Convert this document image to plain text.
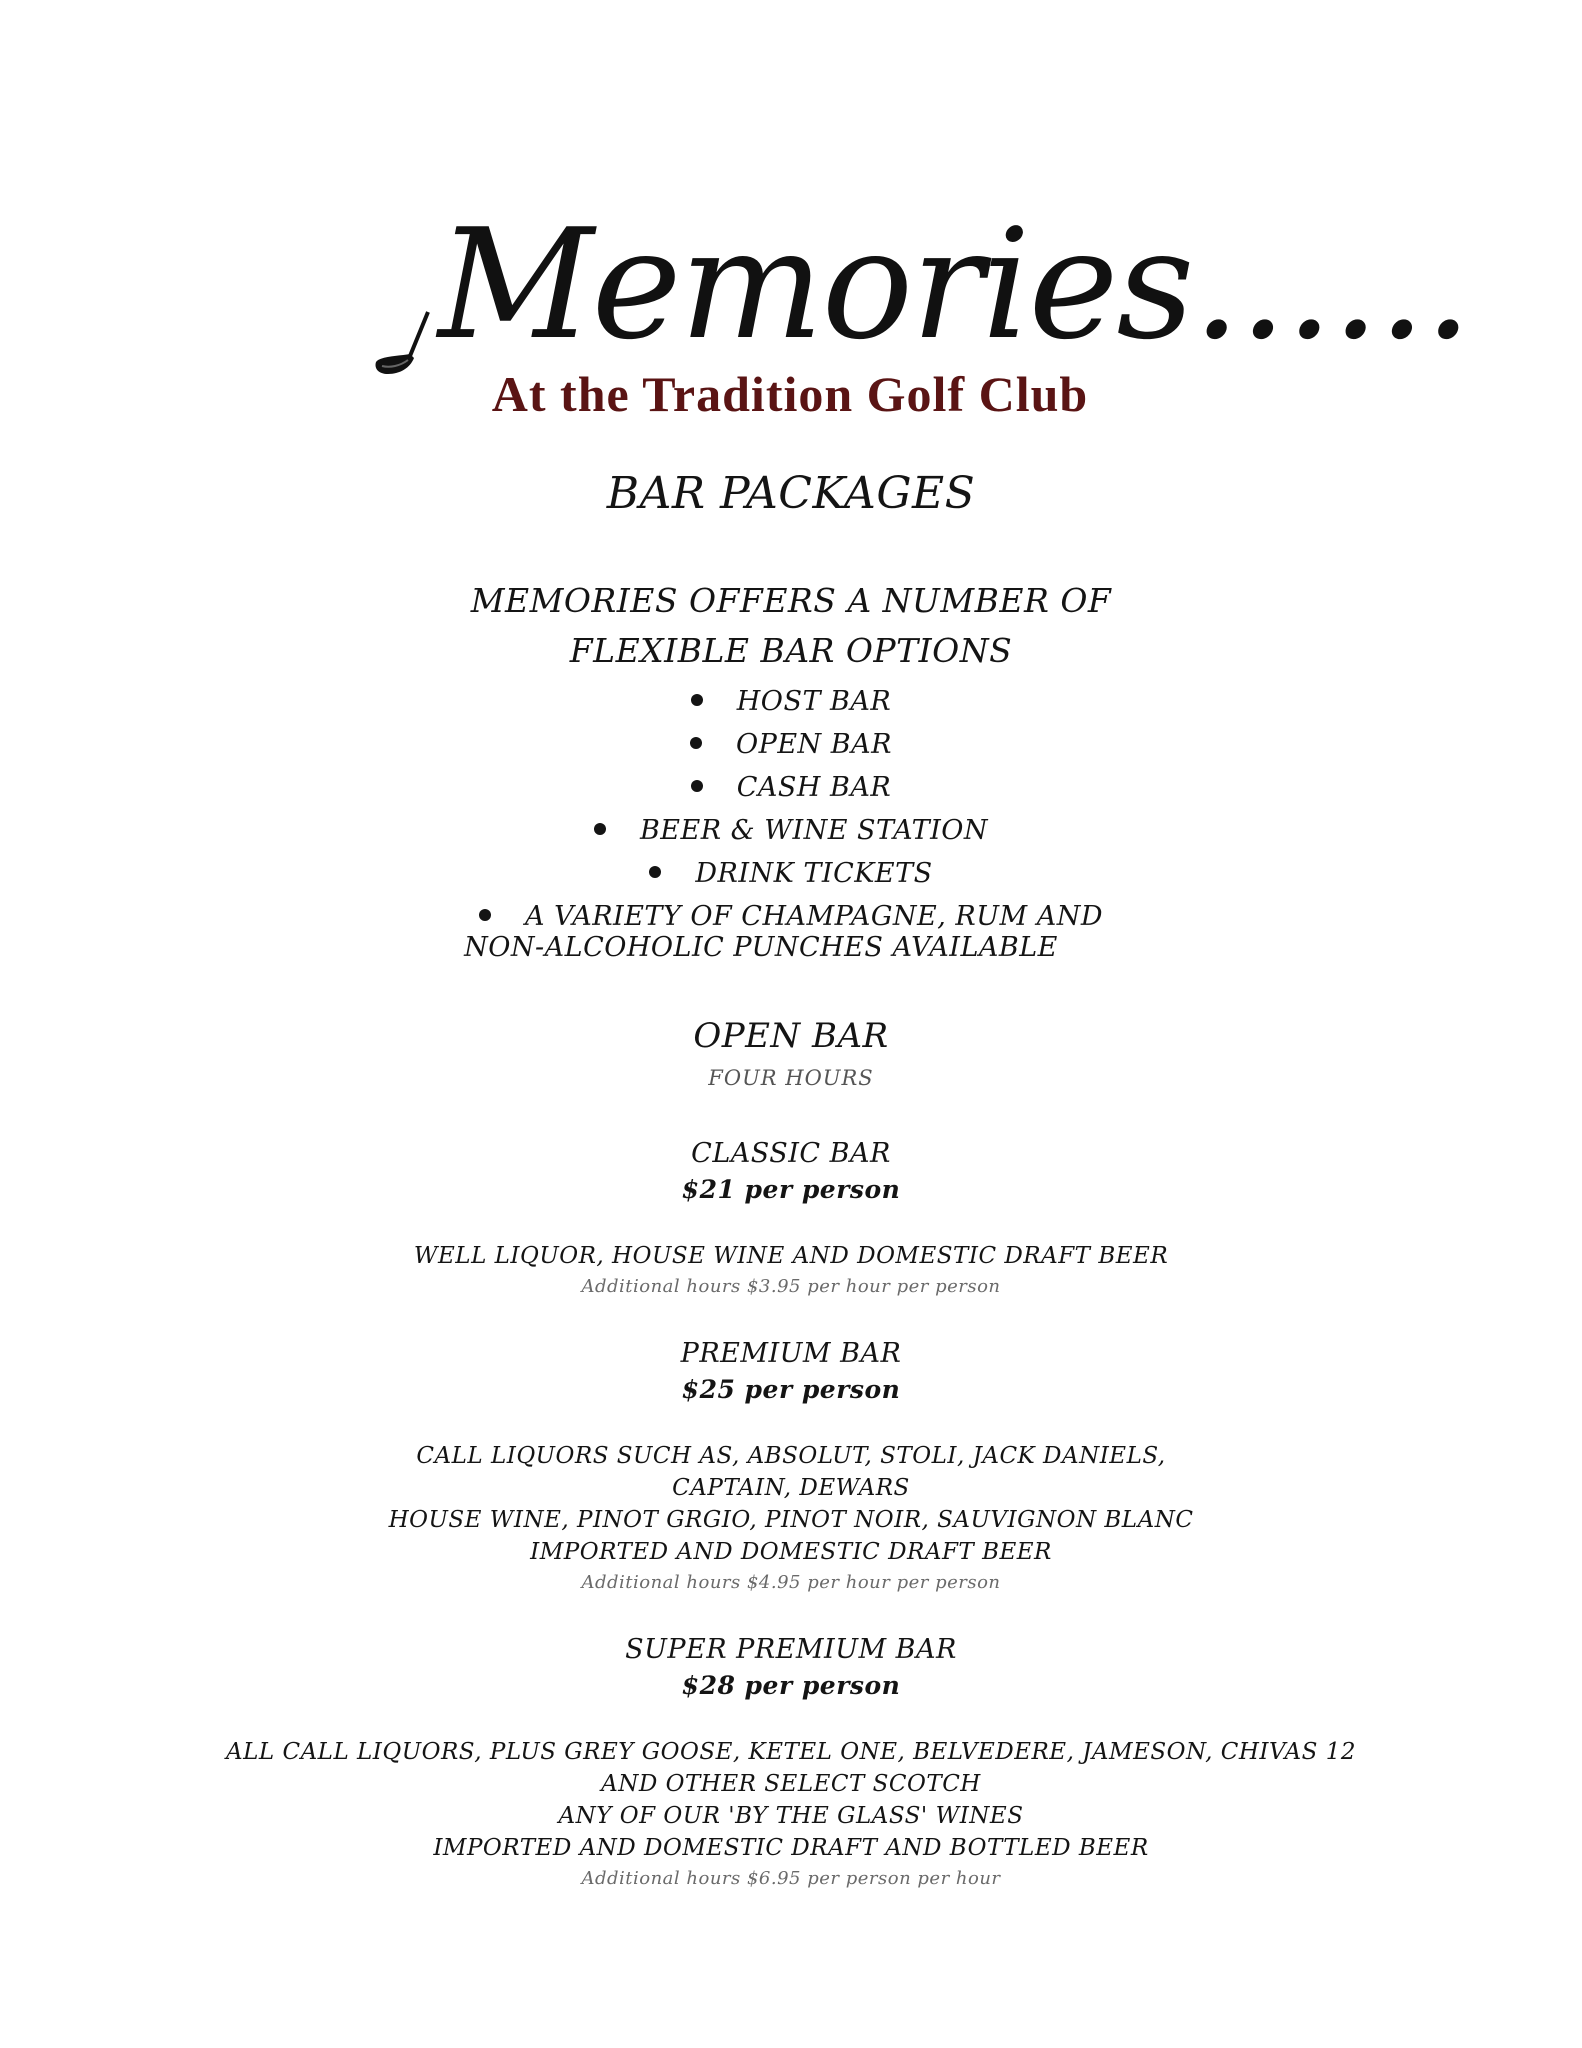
Memories......
At the Tradition Golf Club
BAR PACKAGES
MEMORIES OFFERS A NUMBER OF
FLEXIBLE BAR OPTIONS
HOST BAR
OPEN BAR
CASH BAR
BEER & WINE STATION
DRINK TICKETS
A VARIETY OF CHAMPAGNE, RUM AND
NON-ALCOHOLIC PUNCHES AVAILABLE
OPEN BAR
FOUR HOURS
CLASSIC BAR
$21 per person
WELL LIQUOR, HOUSE WINE AND DOMESTIC DRAFT BEER
Additional hours $3.95 per hour per person
PREMIUM BAR
$25 per person
CALL LIQUORS SUCH AS, ABSOLUT, STOLI, JACK DANIELS,
CAPTAIN, DEWARS
HOUSE WINE, PINOT GRGIO, PINOT NOIR, SAUVIGNON BLANC
IMPORTED AND DOMESTIC DRAFT BEER
Additional hours $4.95 per hour per person
SUPER PREMIUM BAR
$28 per person
ALL CALL LIQUORS, PLUS GREY GOOSE, KETEL ONE, BELVEDERE, JAMESON, CHIVAS 12
AND OTHER SELECT SCOTCH
ANY OF OUR 'BY THE GLASS' WINES
IMPORTED AND DOMESTIC DRAFT AND BOTTLED BEER
Additional hours $6.95 per person per hour
